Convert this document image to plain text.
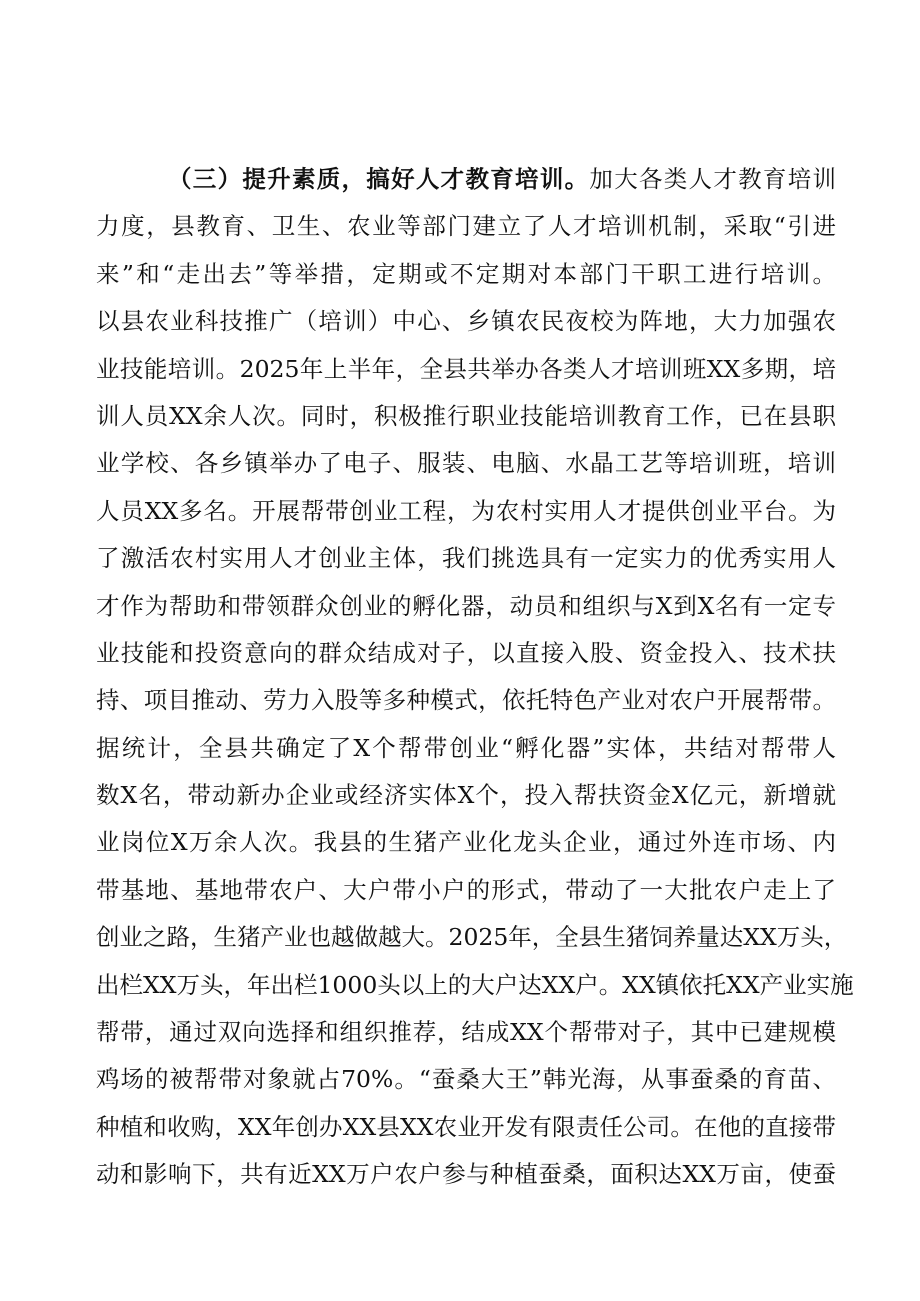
（三）提升素质，搞好人才教育培训。加大各类人才教育培训
力度，县教育、卫生、农业等部门建立了人才培训机制，采取“引进
来”和“走出去”等举措，定期或不定期对本部门干职工进行培训。
以县农业科技推广（培训）中心、乡镇农民夜校为阵地，大力加强农
业技能培训。2025年上半年，全县共举办各类人才培训班XX多期，培
训人员XX余人次。同时，积极推行职业技能培训教育工作，已在县职
业学校、各乡镇举办了电子、服装、电脑、水晶工艺等培训班，培训
人员XX多名。开展帮带创业工程，为农村实用人才提供创业平台。为
了激活农村实用人才创业主体，我们挑选具有一定实力的优秀实用人
才作为帮助和带领群众创业的孵化器，动员和组织与X到X名有一定专
业技能和投资意向的群众结成对子，以直接入股、资金投入、技术扶
持、项目推动、劳力入股等多种模式，依托特色产业对农户开展帮带。
据统计，全县共确定了X个帮带创业“孵化器”实体，共结对帮带人
数X名，带动新办企业或经济实体X个，投入帮扶资金X亿元，新增就
业岗位X万余人次。我县的生猪产业化龙头企业，通过外连市场、内
带基地、基地带农户、大户带小户的形式，带动了一大批农户走上了
创业之路，生猪产业也越做越大。2025年，全县生猪饲养量达XX万头，
出栏XX万头，年出栏1000头以上的大户达XX户。XX镇依托XX产业实施
帮带，通过双向选择和组织推荐，结成XX个帮带对子，其中已建规模
鸡场的被帮带对象就占70%。“蚕桑大王”韩光海，从事蚕桑的育苗、
种植和收购，XX年创办XX县XX农业开发有限责任公司。在他的直接带
动和影响下，共有近XX万户农户参与种植蚕桑，面积达XX万亩，使蚕
